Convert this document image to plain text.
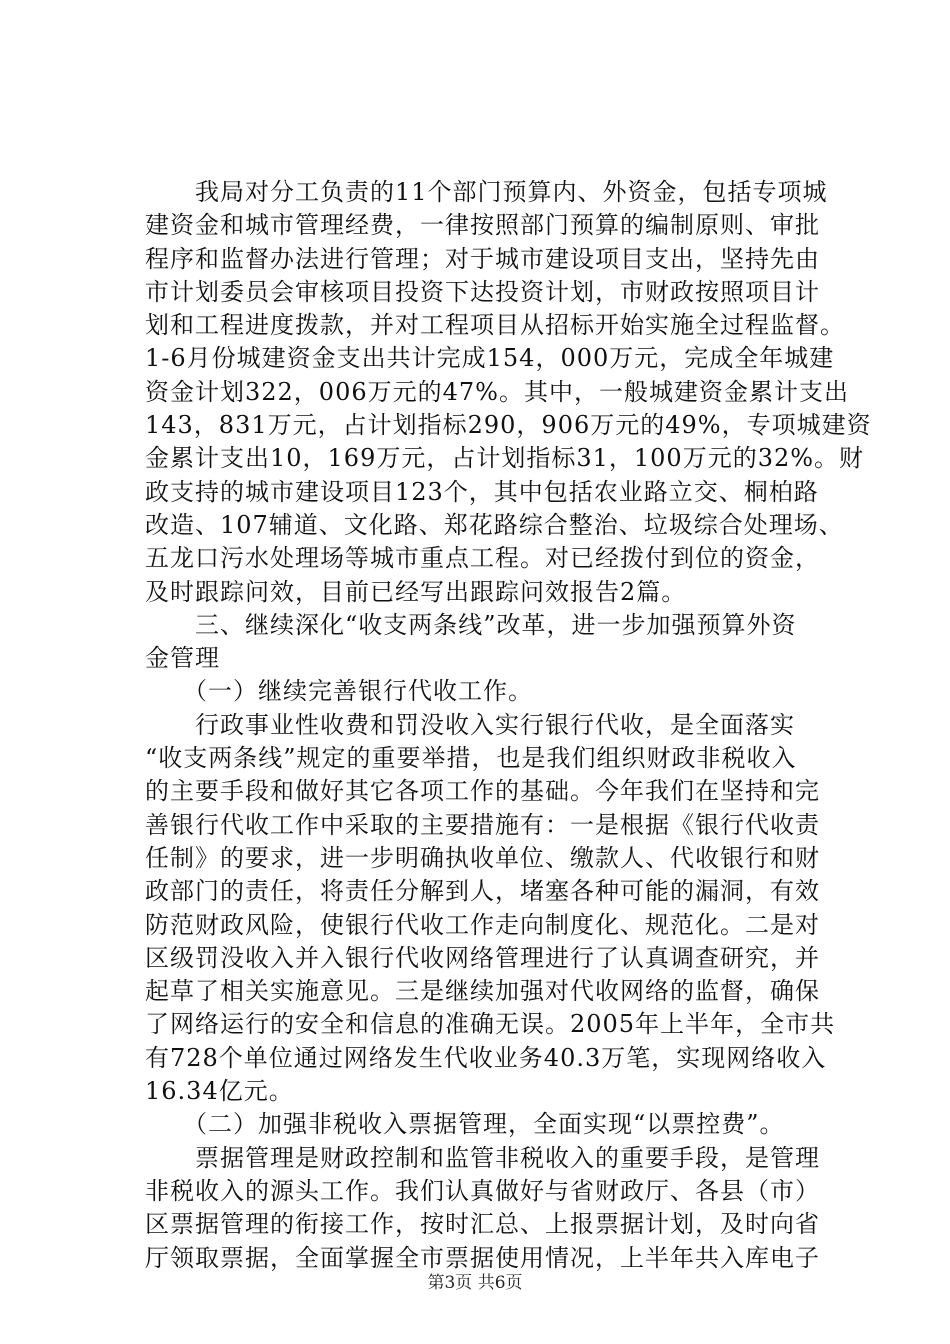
　　我局对分工负责的11个部门预算内、外资金，包括专项城
建资金和城市管理经费，一律按照部门预算的编制原则、审批
程序和监督办法进行管理；对于城市建设项目支出，坚持先由
市计划委员会审核项目投资下达投资计划，市财政按照项目计
划和工程进度拨款，并对工程项目从招标开始实施全过程监督。
1-6月份城建资金支出共计完成154，000万元，完成全年城建
资金计划322，006万元的47%。其中，一般城建资金累计支出
143，831万元，占计划指标290，906万元的49%，专项城建资
金累计支出10，169万元，占计划指标31，100万元的32%。财
政支持的城市建设项目123个，其中包括农业路立交、桐柏路
改造、107辅道、文化路、郑花路综合整治、垃圾综合处理场、
五龙口污水处理场等城市重点工程。对已经拨付到位的资金，
及时跟踪问效，目前已经写出跟踪问效报告2篇。
　　三、继续深化“收支两条线”改革，进一步加强预算外资
金管理
　　（一）继续完善银行代收工作。
　　行政事业性收费和罚没收入实行银行代收，是全面落实
“收支两条线”规定的重要举措，也是我们组织财政非税收入
的主要手段和做好其它各项工作的基础。今年我们在坚持和完
善银行代收工作中采取的主要措施有：一是根据《银行代收责
任制》的要求，进一步明确执收单位、缴款人、代收银行和财
政部门的责任，将责任分解到人，堵塞各种可能的漏洞，有效
防范财政风险，使银行代收工作走向制度化、规范化。二是对
区级罚没收入并入银行代收网络管理进行了认真调查研究，并
起草了相关实施意见。三是继续加强对代收网络的监督，确保
了网络运行的安全和信息的准确无误。2005年上半年，全市共
有728个单位通过网络发生代收业务40.3万笔，实现网络收入
16.34亿元。
　　（二）加强非税收入票据管理，全面实现“以票控费”。
　　票据管理是财政控制和监管非税收入的重要手段，是管理
非税收入的源头工作。我们认真做好与省财政厅、各县（市）
区票据管理的衔接工作，按时汇总、上报票据计划，及时向省
厅领取票据，全面掌握全市票据使用情况，上半年共入库电子
第3页 共6页
